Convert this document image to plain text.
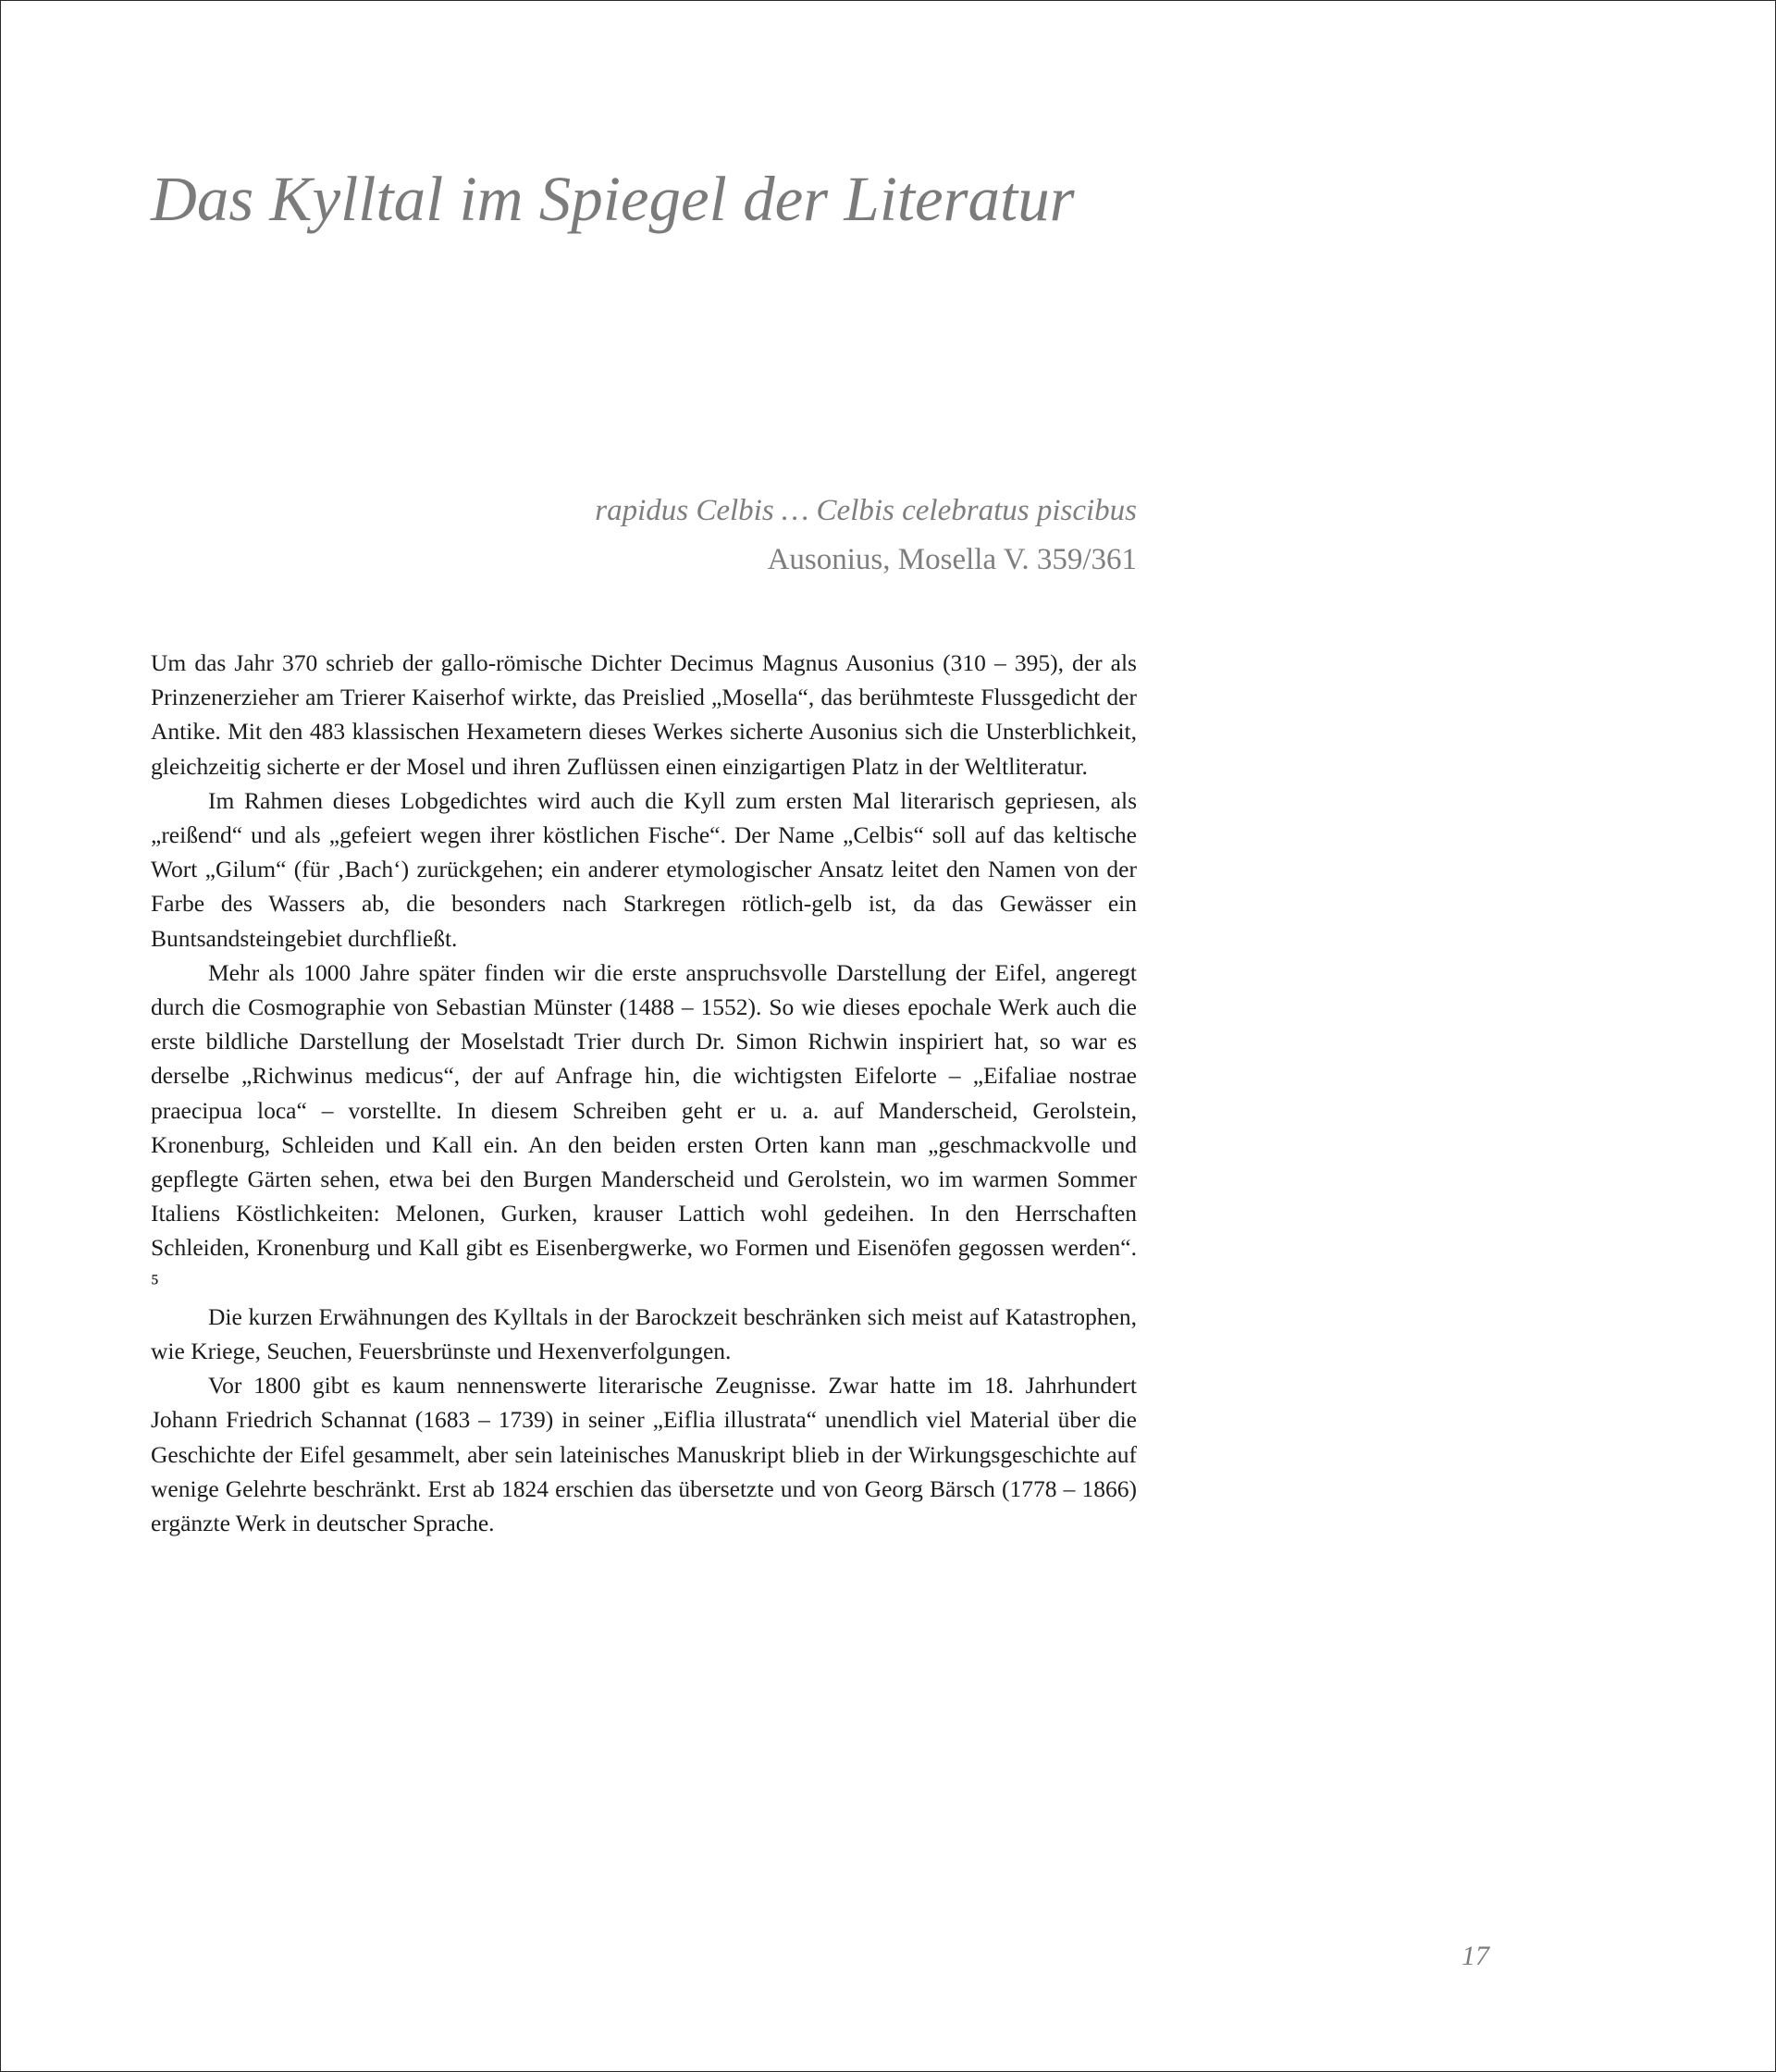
Das Kylltal im Spiegel der Literatur
rapidus Celbis … Celbis celebratus piscibus
Ausonius, Mosella V. 359/361

Um das Jahr 370 schrieb der gallo-römische Dichter Decimus Magnus Ausonius (310 – 395), der als Prinzenerzieher am Trierer Kaiserhof wirkte, das Preislied „Mosella“, das berühmteste Flussgedicht der Antike. Mit den 483 klassischen Hexametern dieses Werkes sicherte Ausonius sich die Unsterblichkeit, gleichzeitig sicherte er der Mosel und ihren Zuflüssen einen einzigartigen Platz in der Weltliteratur.

Im Rahmen dieses Lobgedichtes wird auch die Kyll zum ersten Mal literarisch gepriesen, als „reißend“ und als „gefeiert wegen ihrer köstlichen Fische“. Der Name „Celbis“ soll auf das keltische Wort „Gilum“ (für ‚Bach‘) zurückgehen; ein anderer etymologischer Ansatz leitet den Namen von der Farbe des Wassers ab, die besonders nach Starkregen rötlich-gelb ist, da das Gewässer ein Buntsandsteingebiet durchfließt.

Mehr als 1000 Jahre später finden wir die erste anspruchsvolle Darstellung der Eifel, angeregt durch die Cosmographie von Sebastian Münster (1488 – 1552). So wie dieses epochale Werk auch die erste bildliche Darstellung der Moselstadt Trier durch Dr. Simon Richwin inspiriert hat, so war es derselbe „Richwinus medicus“, der auf Anfrage hin, die wichtigsten Eifelorte – „Eifaliae nostrae praecipua loca“ – vorstellte. In diesem Schreiben geht er u. a. auf Manderscheid, Gerolstein, Kronenburg, Schleiden und Kall ein. An den beiden ersten Orten kann man „geschmackvolle und gepflegte Gärten sehen, etwa bei den Burgen Manderscheid und Gerolstein, wo im warmen Sommer Italiens Köstlichkeiten: Melonen, Gurken, krauser Lattich wohl gedeihen. In den Herrschaften Schleiden, Kronenburg und Kall gibt es Eisenbergwerke, wo Formen und Eisenöfen gegossen werden“. ⁵

Die kurzen Erwähnungen des Kylltals in der Barockzeit beschränken sich meist auf Katastrophen, wie Kriege, Seuchen, Feuersbrünste und Hexenverfolgungen.

Vor 1800 gibt es kaum nennenswerte literarische Zeugnisse. Zwar hatte im 18. Jahrhundert Johann Friedrich Schannat (1683 – 1739) in seiner „Eiflia illustrata“ unendlich viel Material über die Geschichte der Eifel gesammelt, aber sein lateinisches Manuskript blieb in der Wirkungsgeschichte auf wenige Gelehrte beschränkt. Erst ab 1824 erschien das übersetzte und von Georg Bärsch (1778 – 1866) ergänzte Werk in deutscher Sprache.

17
